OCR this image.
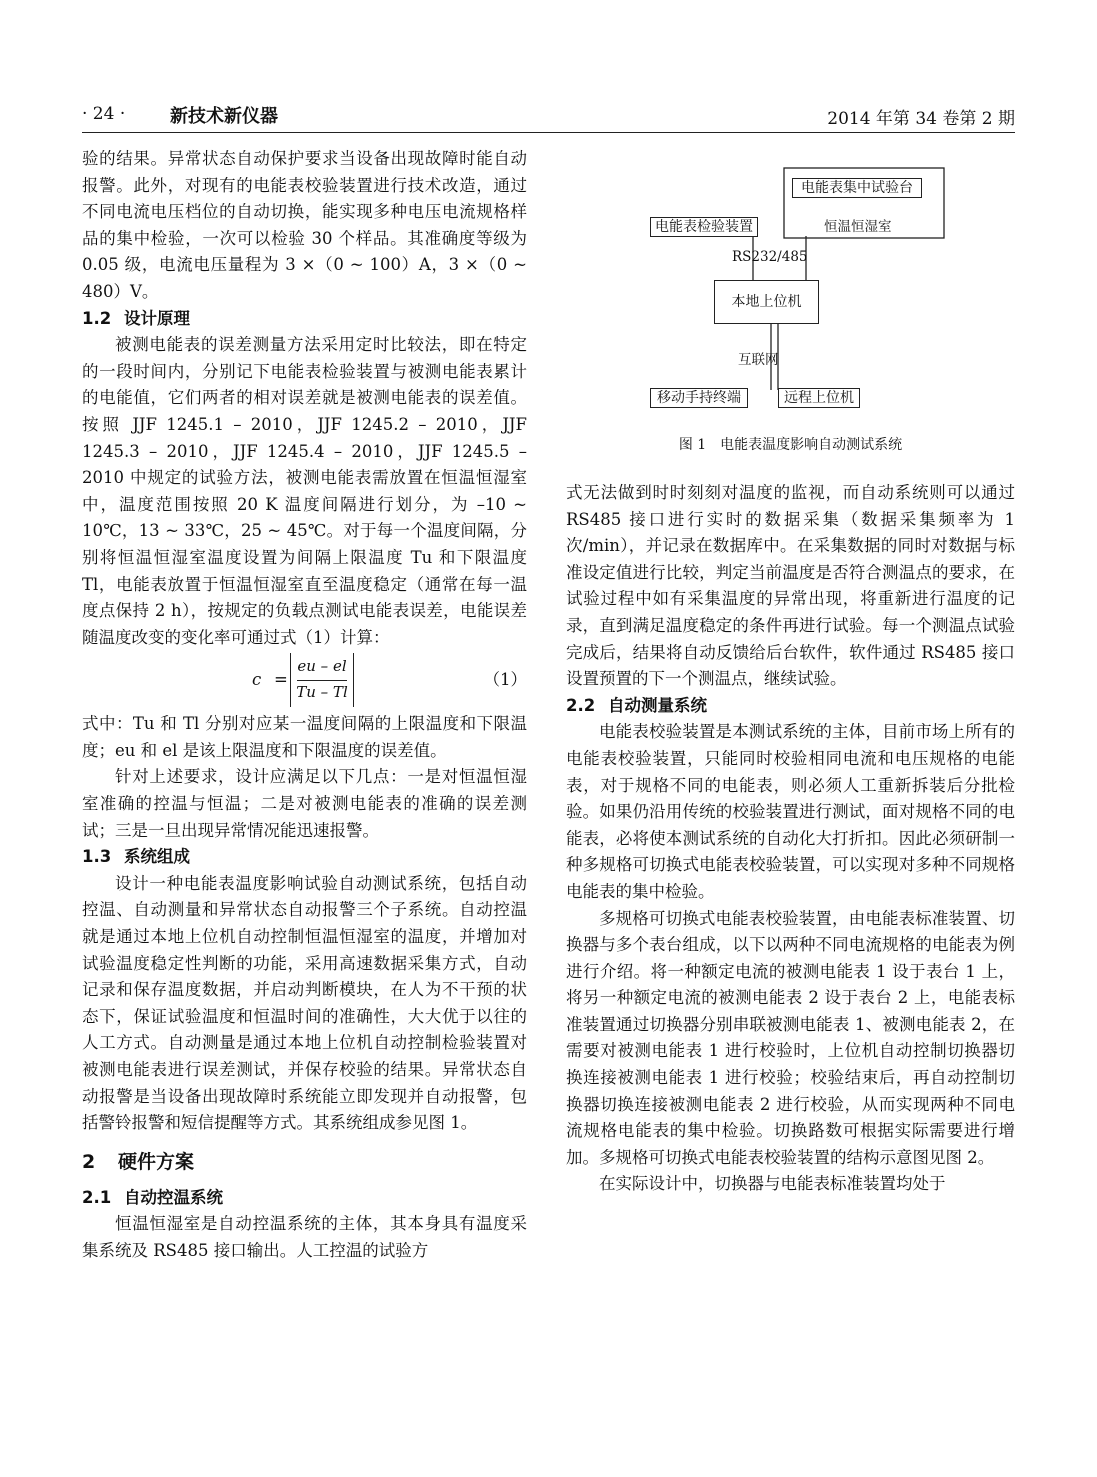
· 24 · 新技术新仪器	2014 年第 34 卷第 2 期

验的结果。异常状态自动保护要求当设备出现故障时能自动报警。此外，对现有的电能表校验装置进行技术改造，通过不同电流电压档位的自动切换，能实现多种电压电流规格样品的集中检验，一次可以检验 30 个样品。其准确度等级为 0.05 级，电流电压量程为 3 ×（0 ~ 100）A，3 ×（0 ~ 480）V。

1.2 设计原理

被测电能表的误差测量方法采用定时比较法，即在特定的一段时间内，分别记下电能表检验装置与被测电能表累计的电能值，它们两者的相对误差就是被测电能表的误差值。按照 JJF 1245.1 – 2010，JJF 1245.2 – 2010，JJF 1245.3 – 2010，JJF 1245.4 – 2010，JJF 1245.5 – 2010 中规定的试验方法，被测电能表需放置在恒温恒湿室中，温度范围按照 20 K 温度间隔进行划分，为 –10 ~ 10℃，13 ~ 33℃，25 ~ 45℃。对于每一个温度间隔，分别将恒温恒湿室温度设置为间隔上限温度 Tu 和下限温度 Tl，电能表放置于恒温恒湿室直至温度稳定（通常在每一温度点保持 2 h），按规定的负载点测试电能表误差，电能误差随温度改变的变化率可通过式（1）计算：

c =
eu – el
Tu – Tl
（1）

式中：Tu 和 Tl 分别对应某一温度间隔的上限温度和下限温度；eu 和 el 是该上限温度和下限温度的误差值。

针对上述要求，设计应满足以下几点：一是对恒温恒湿室准确的控温与恒温；二是对被测电能表的准确的误差测试；三是一旦出现异常情况能迅速报警。

1.3 系统组成

设计一种电能表温度影响试验自动测试系统，包括自动控温、自动测量和异常状态自动报警三个子系统。自动控温就是通过本地上位机自动控制恒温恒湿室的温度，并增加对试验温度稳定性判断的功能，采用高速数据采集方式，自动记录和保存温度数据，并启动判断模块，在人为不干预的状态下，保证试验温度和恒温时间的准确性，大大优于以往的人工方式。自动测量是通过本地上位机自动控制检验装置对被测电能表进行误差测试，并保存校验的结果。异常状态自动报警是当设备出现故障时系统能立即发现并自动报警，包括警铃报警和短信提醒等方式。其系统组成参见图 1。

2 硬件方案
2.1 自动控温系统

恒温恒湿室是自动控温系统的主体，其本身具有温度采集系统及 RS485 接口输出。人工控温的试验方

电能表集中试验台
恒温恒湿室
电能表检验装置
RS232/485
本地上位机
互联网
移动手持终端	远程上位机
图 1　电能表温度影响自动测试系统

式无法做到时时刻刻对温度的监视，而自动系统则可以通过 RS485 接口进行实时的数据采集（数据采集频率为 1 次/min），并记录在数据库中。在采集数据的同时对数据与标准设定值进行比较，判定当前温度是否符合测温点的要求，在试验过程中如有采集温度的异常出现，将重新进行温度的记录，直到满足温度稳定的条件再进行试验。每一个测温点试验完成后，结果将自动反馈给后台软件，软件通过 RS485 接口设置预置的下一个测温点，继续试验。

2.2 自动测量系统

电能表校验装置是本测试系统的主体，目前市场上所有的电能表校验装置，只能同时校验相同电流和电压规格的电能表，对于规格不同的电能表，则必须人工重新拆装后分批检验。如果仍沿用传统的校验装置进行测试，面对规格不同的电能表，必将使本测试系统的自动化大打折扣。因此必须研制一种多规格可切换式电能表校验装置，可以实现对多种不同规格电能表的集中检验。

多规格可切换式电能表校验装置，由电能表标准装置、切换器与多个表台组成，以下以两种不同电流规格的电能表为例进行介绍。将一种额定电流的被测电能表 1 设于表台 1 上，将另一种额定电流的被测电能表 2 设于表台 2 上，电能表标准装置通过切换器分别串联被测电能表 1、被测电能表 2，在需要对被测电能表 1 进行校验时，上位机自动控制切换器切换连接被测电能表 1 进行校验；校验结束后，再自动控制切换器切换连接被测电能表 2 进行校验，从而实现两种不同电流规格电能表的集中检验。切换路数可根据实际需要进行增加。多规格可切换式电能表校验装置的结构示意图见图 2。

在实际设计中，切换器与电能表标准装置均处于
